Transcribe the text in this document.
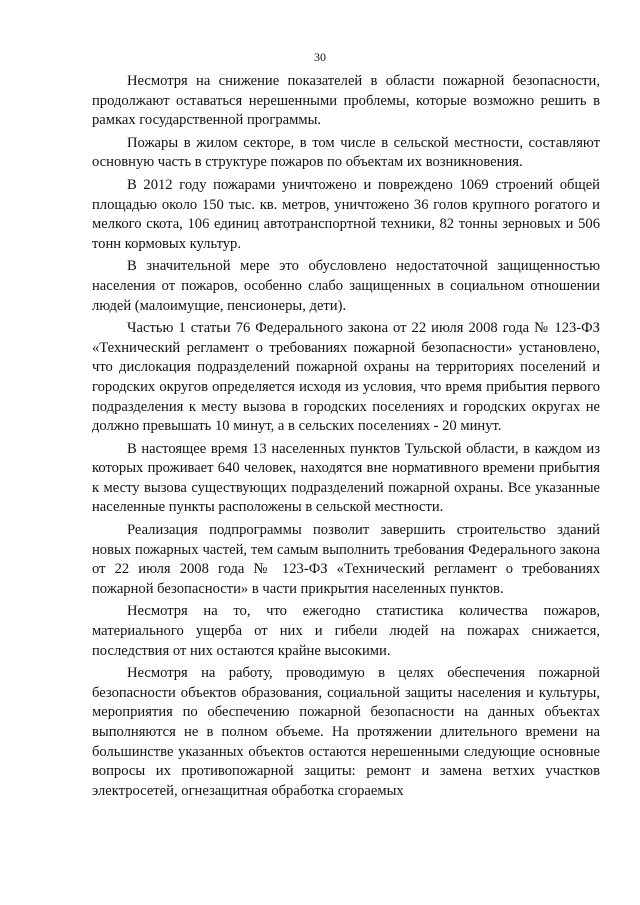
30

Несмотря на снижение показателей в области пожарной безопасности, продолжают оставаться нерешенными проблемы, которые возможно решить в рамках государственной программы.

Пожары в жилом секторе, в том числе в сельской местности, составляют основную часть в структуре пожаров по объектам их возникновения.

В 2012 году пожарами уничтожено и повреждено 1069 строений общей площадью около 150 тыс. кв. метров, уничтожено 36 голов крупного рогатого и мелкого скота, 106 единиц автотранспортной техники, 82 тонны зерновых и 506 тонн кормовых культур.

В значительной мере это обусловлено недостаточной защищенностью населения от пожаров, особенно слабо защищенных в социальном отношении людей (малоимущие, пенсионеры, дети).

Частью 1 статьи 76 Федерального закона от 22 июля 2008 года № 123-ФЗ «Технический регламент о требованиях пожарной безопасности» установлено, что дислокация подразделений пожарной охраны на территориях поселений и городских округов определяется исходя из условия, что время прибытия первого подразделения к месту вызова в городских поселениях и городских округах не должно превышать 10 минут, а в сельских поселениях - 20 минут.

В настоящее время 13 населенных пунктов Тульской области, в каждом из которых проживает 640 человек, находятся вне нормативного времени прибытия к месту вызова существующих подразделений пожарной охраны. Все указанные населенные пункты расположены в сельской местности.

Реализация подпрограммы позволит завершить строительство зданий новых пожарных частей, тем самым выполнить требования Федерального закона от 22 июля 2008 года № 123-ФЗ «Технический регламент о требованиях пожарной безопасности» в части прикрытия населенных пунктов.

Несмотря на то, что ежегодно статистика количества пожаров, материального ущерба от них и гибели людей на пожарах снижается, последствия от них остаются крайне высокими.

Несмотря на работу, проводимую в целях обеспечения пожарной безопасности объектов образования, социальной защиты населения и культуры, мероприятия по обеспечению пожарной безопасности на данных объектах выполняются не в полном объеме. На протяжении длительного времени на большинстве указанных объектов остаются нерешенными следующие основные вопросы их противопожарной защиты: ремонт и замена ветхих участков электросетей, огнезащитная обработка сгораемых
